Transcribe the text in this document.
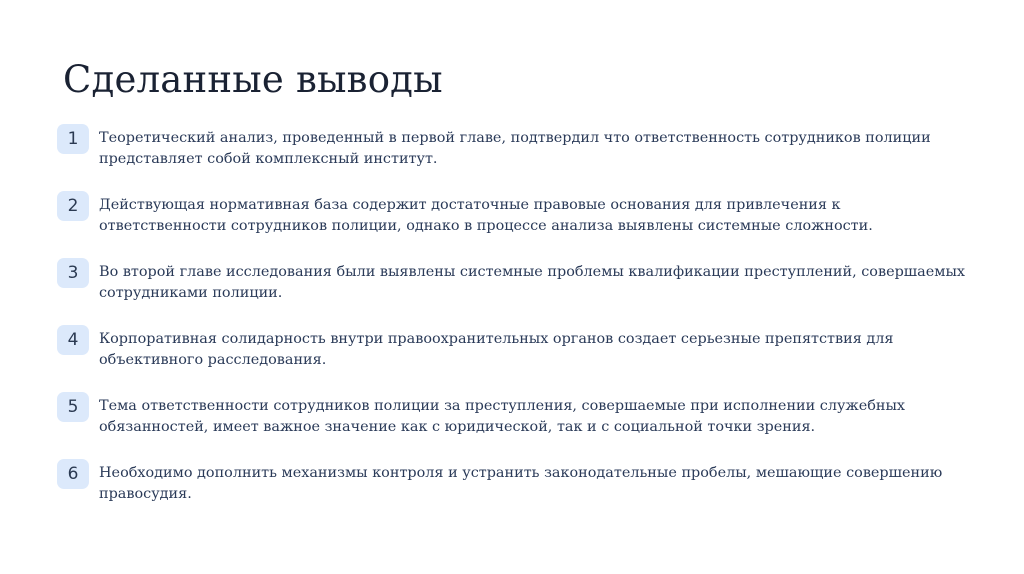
Сделанные выводы
1	Теоретический анализ, проведенный в первой главе, подтвердил что ответственность сотрудников полиции представляет собой комплексный институт.

2	Действующая нормативная база содержит достаточные правовые основания для привлечения к ответственности сотрудников полиции, однако в процессе анализа выявлены системные сложности.

3	Во второй главе исследования были выявлены системные проблемы квалификации преступлений, совершаемых сотрудниками полиции.

4	Корпоративная солидарность внутри правоохранительных органов создает серьезные препятствия для объективного расследования.

5	Тема ответственности сотрудников полиции за преступления, совершаемые при исполнении служебных обязанностей, имеет важное значение как с юридической, так и с социальной точки зрения.

6	Необходимо дополнить механизмы контроля и устранить законодательные пробелы, мешающие совершению правосудия.
